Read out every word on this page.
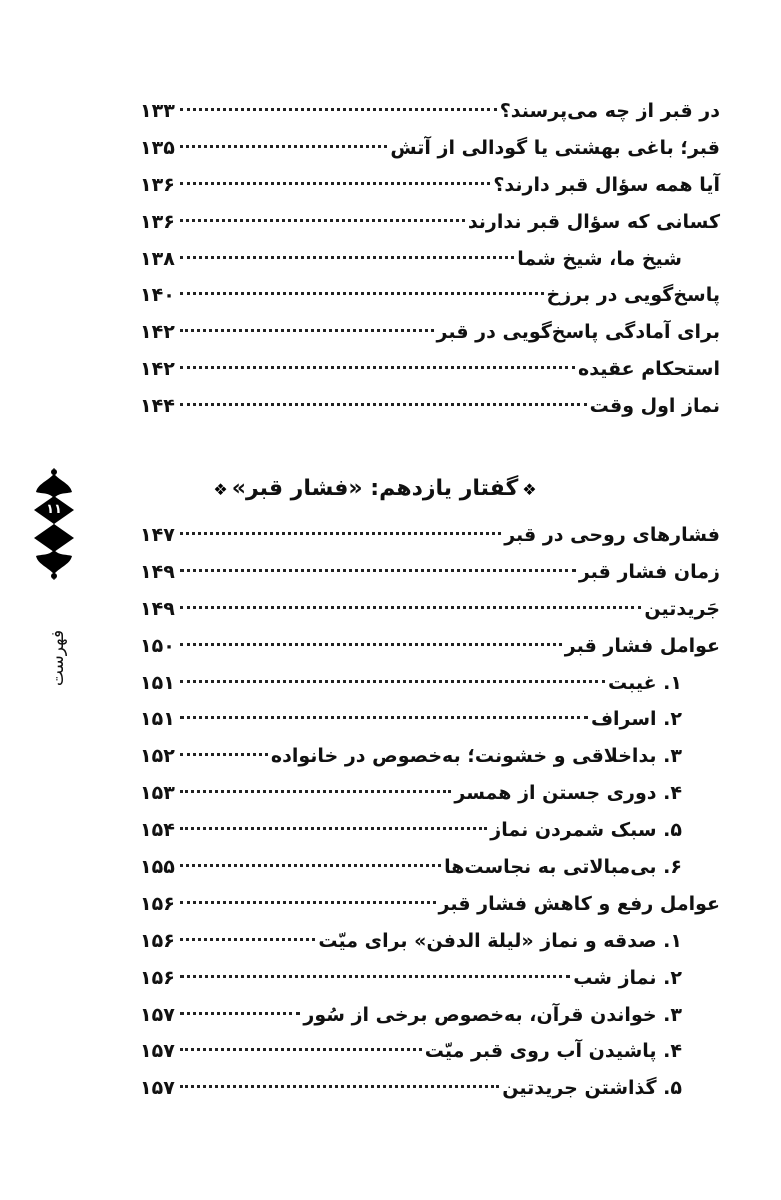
در قبر از چه می‌پرسند؟
۱۳۳
قبر؛ باغی بهشتی یا گودالی از آتش
۱۳۵
آیا همه سؤال قبر دارند؟
۱۳۶
کسانی که سؤال قبر ندارند
۱۳۶
شیخ ما، شیخ شما
۱۳۸
پاسخ‌گویی در برزخ
۱۴۰
برای آمادگی پاسخ‌گویی در قبر
۱۴۲
استحکام عقیده
۱۴۲
نماز اول وقت
۱۴۴
❖گفتار یازدهم: «فشار قبر»❖
فشارهای روحی در قبر
۱۴۷
زمان فشار قبر
۱۴۹
جَریدتین
۱۴۹
عوامل فشار قبر
۱۵۰
۱. غیبت
۱۵۱
۲. اسراف
۱۵۱
۳. بداخلاقی و خشونت؛ به‌خصوص در خانواده
۱۵۲
۴. دوری جستن از همسر
۱۵۳
۵. سبک شمردن نماز
۱۵۴
۶. بی‌مبالاتی به نجاست‌ها
۱۵۵
عوامل رفع و کاهش فشار قبر
۱۵۶
۱. صدقه و نماز «لیلة الدفن» برای میّت
۱۵۶
۲. نماز شب
۱۵۶
۳. خواندن قرآن، به‌خصوص برخی از سُور
۱۵۷
۴. پاشیدن آب روی قبر میّت
۱۵۷
۵. گذاشتن جریدتین
۱۵۷
۱۱
فهرست
